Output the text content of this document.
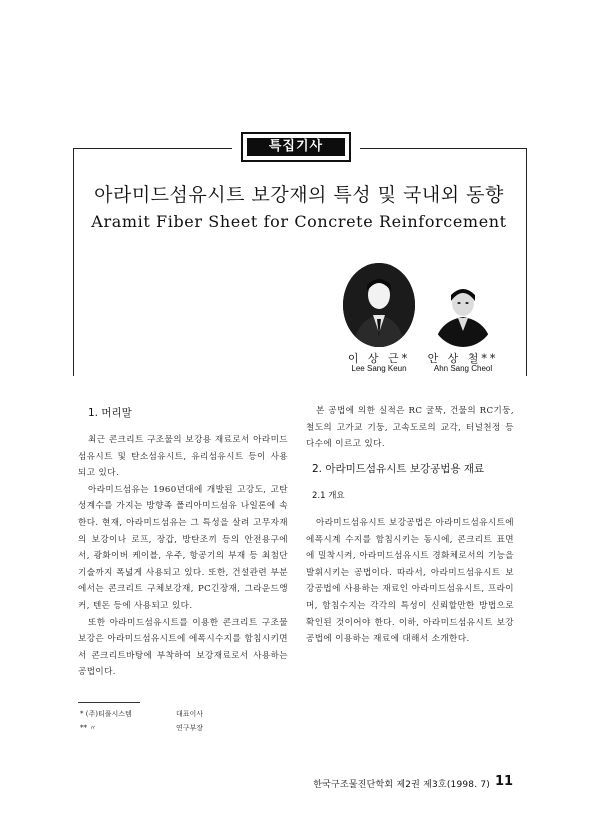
특집기사
아라미드섬유시트 보강재의 특성 및 국내외 동향
Aramit Fiber Sheet for Concrete Reinforcement
이 상 근*
Lee Sang Keun
안 상 철**
Ahn Sang Cheol
1. 머리말

최근 콘크리트 구조물의 보강용 재료로서 아라미드섬유시트 및 탄소섬유시트, 유리섬유시트 등이 사용되고 있다.

아라미드섬유는 1960년대에 개발된 고강도, 고탄성계수를 가지는 방향족 폴리아미드섬유 나일론에 속한다. 현재, 아라미드섬유는 그 특성을 살려 고무자재의 보강이나 로프, 장갑, 방탄조끼 등의 안전용구에서, 광화이버 케이블, 우주, 항공기의 부재 등 최첨단 기술까지 폭넓게 사용되고 있다. 또한, 건설관련 부분에서는 콘크리트 구체보강재, PC긴장재, 그라운드앵커, 텐돈 등에 사용되고 있다.

또한 아라미드섬유시트를 이용한 콘크리트 구조물 보강은 아라미드섬유시트에 에폭시수지를 함침시키면서 콘크리트바탕에 부착하여 보강재료로서 사용하는 공법이다.

* (주)티풀시스템	대표이사
** 〃	연구부장

본 공법에 의한 실적은 RC 굴뚝, 건물의 RC기둥, 철도의 고가교 기둥, 고속도로의 교각, 터널천정 등 다수에 이르고 있다.

2. 아라미드섬유시트 보강공법용 재료
2.1 개요

아라미드섬유시트 보강공법은 아라미드섬유시트에 에폭시계 수지를 함침시키는 동시에, 콘크리트 표면에 밀착시켜, 아라미드섬유시트 경화체로서의 기능을 발휘시키는 공법이다. 따라서, 아라미드섬유시트 보강공법에 사용하는 재료인 아라미드섬유시트, 프라이머, 함침수지는 각각의 특성이 신뢰할만한 방법으로 확인된 것이어야 한다. 이하, 아라미드섬유시트 보강공법에 이용하는 재료에 대해서 소개한다.

한국구조물진단학회 제2권 제3호(1998. 7) 11
